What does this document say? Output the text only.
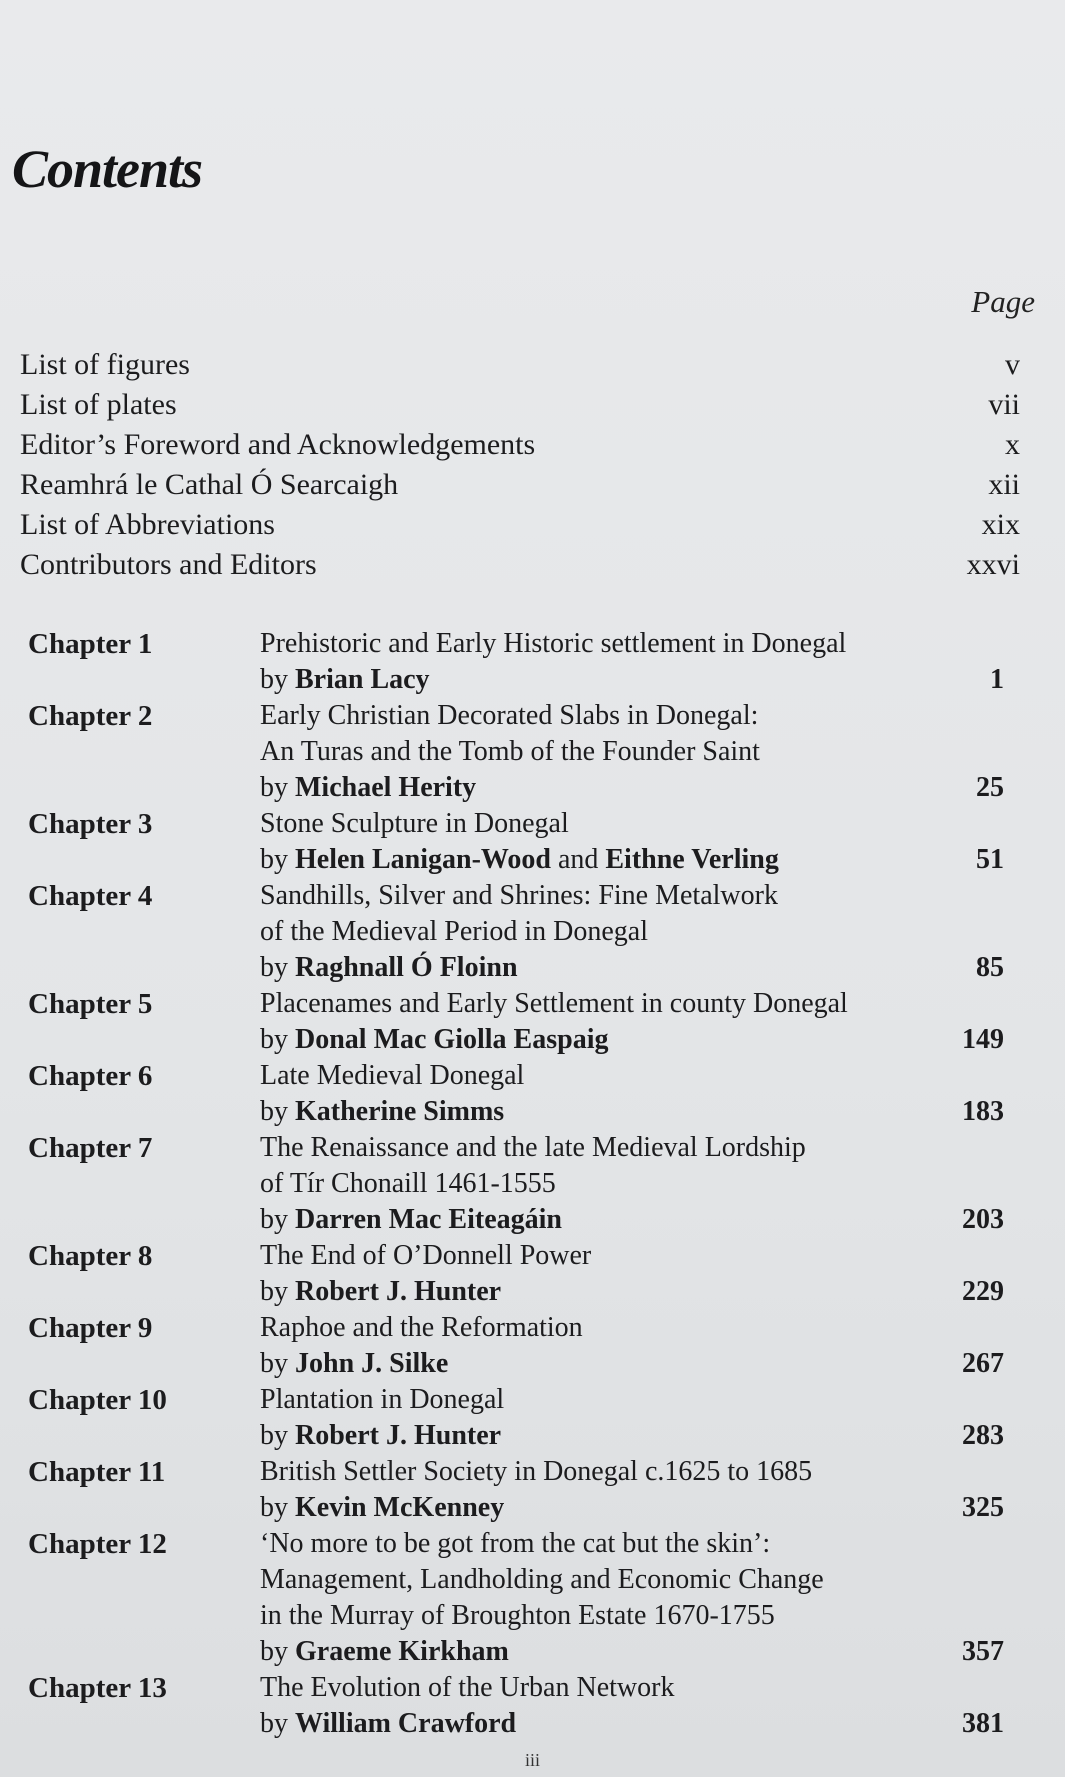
Contents
Page
List of figures	v
List of plates	vii
Editor’s Foreword and Acknowledgements	x
Reamhrá le Cathal Ó Searcaigh	xii
List of Abbreviations	xix
Contributors and Editors	xxvi
Chapter 1	Prehistoric and Early Historic settlement in Donegal
by Brian Lacy	1
Chapter 2	Early Christian Decorated Slabs in Donegal:
An Turas and the Tomb of the Founder Saint
by Michael Herity	25
Chapter 3	Stone Sculpture in Donegal
by Helen Lanigan-Wood and Eithne Verling	51
Chapter 4	Sandhills, Silver and Shrines: Fine Metalwork
of the Medieval Period in Donegal
by Raghnall Ó Floinn	85
Chapter 5	Placenames and Early Settlement in county Donegal
by Donal Mac Giolla Easpaig	149
Chapter 6	Late Medieval Donegal
by Katherine Simms	183
Chapter 7	The Renaissance and the late Medieval Lordship
of Tír Chonaill 1461-1555
by Darren Mac Eiteagáin	203
Chapter 8	The End of O’Donnell Power
by Robert J. Hunter	229
Chapter 9	Raphoe and the Reformation
by John J. Silke	267
Chapter 10	Plantation in Donegal
by Robert J. Hunter	283
Chapter 11	British Settler Society in Donegal c.1625 to 1685
by Kevin McKenney	325
Chapter 12	‘No more to be got from the cat but the skin’:
Management, Landholding and Economic Change
in the Murray of Broughton Estate 1670-1755
by Graeme Kirkham	357
Chapter 13	The Evolution of the Urban Network
by William Crawford	381
iii
